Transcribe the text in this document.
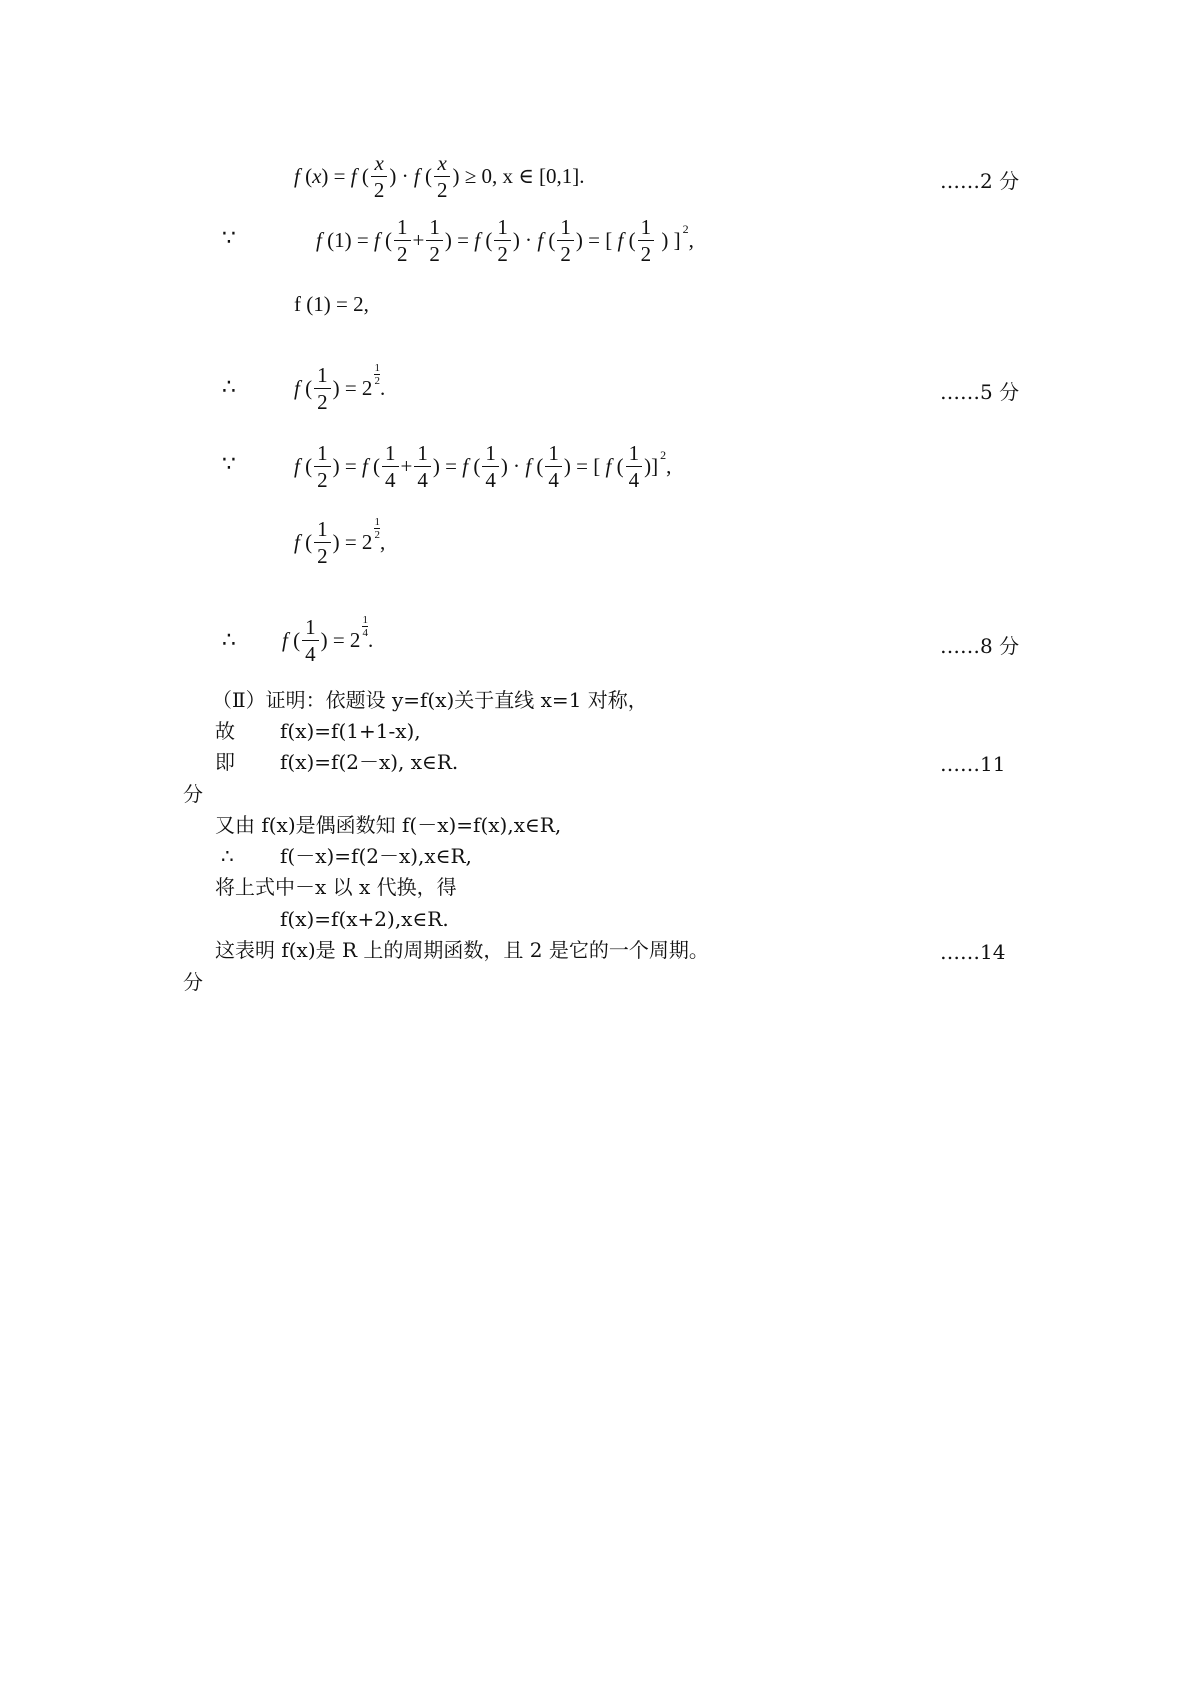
f ( x ) = f ( $\frac{x}{2}$ ) · f ( $\frac{x}{2}$ ) ≥ 0, x ∈ [0,1].	……2 分
∵	f (1) = f ( $\frac{1}{2} + \frac{1}{2}$ ) = f ( $\frac{1}{2}$ ) · f ( $\frac{1}{2}$ ) = [ f ( $\frac{1}{2}$ ) ] 2 ,
f (1) = 2,
∴	f ( $\frac{1}{2}$ ) = 2
1
2 .	……5 分
∵	f ( $\frac{1}{2}$ ) = f ( $\frac{1}{4} + \frac{1}{4}$ ) = f ( $\frac{1}{4}$ ) · f ( $\frac{1}{4}$ ) = [ f ( $\frac{1}{4}$ )] 2 ,
f ( $\frac{1}{2}$ ) = 2
1
2 ,
∴ f ( $\frac{1}{4}$ ) = 2
1
4 .	……8 分
（Ⅱ）证明：依题设 y=f(x)关于直线 x=1 对称，
故 f(x)=f(1+1-x),
即 f(x)=f(2－x), x∈R.	……11
分
又由 f(x)是偶函数知 f(－x)=f(x),x∈R,
∴ f(－x)=f(2－x),x∈R,
将上式中－x 以 x 代换，得
f(x)=f(x+2),x∈R.
这表明 f(x)是 R 上的周期函数，且 2 是它的一个周期。	……14
分
